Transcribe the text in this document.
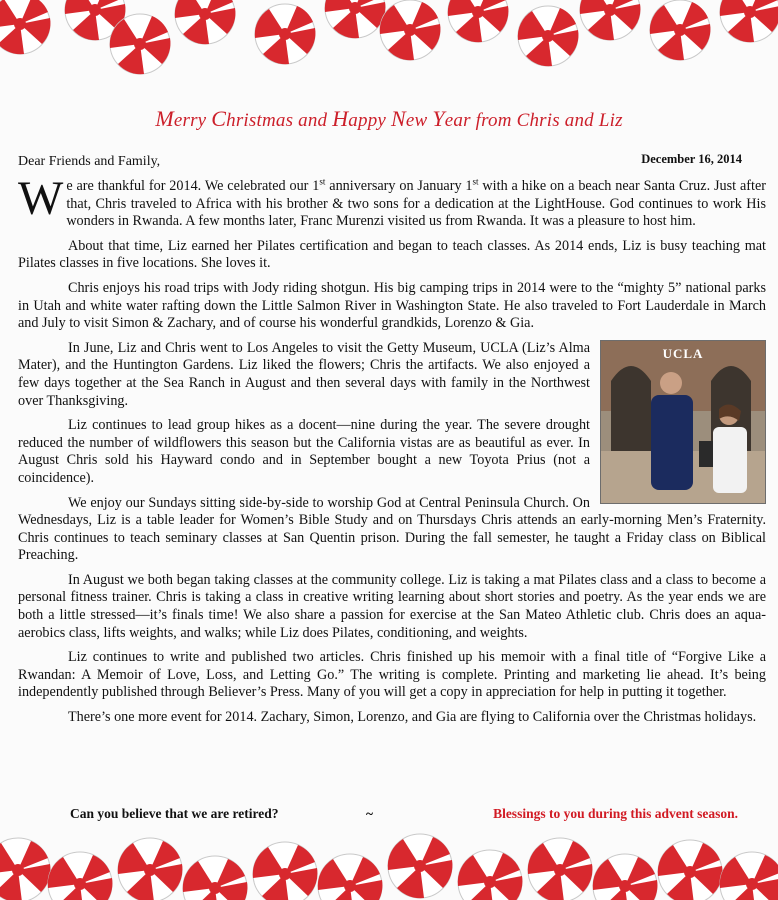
Merry Christmas and Happy New Year from Chris and Liz
Dear Friends and Family,	December 16, 2014

We are thankful for 2014. We celebrated our 1st anniversary on January 1st with a hike on a beach near Santa Cruz. Just after that, Chris traveled to Africa with his brother & two sons for a dedication at the LightHouse. God continues to work His wonders in Rwanda. A few months later, Franc Murenzi visited us from Rwanda. It was a pleasure to host him.

About that time, Liz earned her Pilates certification and began to teach classes. As 2014 ends, Liz is busy teaching mat Pilates classes in five locations. She loves it.

Chris enjoys his road trips with Jody riding shotgun. His big camping trips in 2014 were to the “mighty 5” national parks in Utah and white water rafting down the Little Salmon River in Washington State. He also traveled to Fort Lauderdale in March and July to visit Simon & Zachary, and of course his wonderful grandkids, Lorenzo & Gia.

UCLA

In June, Liz and Chris went to Los Angeles to visit the Getty Museum, UCLA (Liz’s Alma Mater), and the Huntington Gardens. Liz liked the flowers; Chris the artifacts. We also enjoyed a few days together at the Sea Ranch in August and then several days with family in the Northwest over Thanksgiving.

Liz continues to lead group hikes as a docent—nine during the year. The severe drought reduced the number of wildflowers this season but the California vistas are as beautiful as ever. In August Chris sold his Hayward condo and in September bought a new Toyota Prius (not a coincidence).

We enjoy our Sundays sitting side-by-side to worship God at Central Peninsula Church. On Wednesdays, Liz is a table leader for Women’s Bible Study and on Thursdays Chris attends an early-morning Men’s Fraternity. Chris continues to teach seminary classes at San Quentin prison. During the fall semester, he taught a Friday class on Biblical Preaching.

In August we both began taking classes at the community college. Liz is taking a mat Pilates class and a class to become a personal fitness trainer. Chris is taking a class in creative writing learning about short stories and poetry. As the year ends we are both a little stressed—it’s finals time! We also share a passion for exercise at the San Mateo Athletic club. Chris does an aqua-aerobics class, lifts weights, and walks; while Liz does Pilates, conditioning, and weights.

Liz continues to write and published two articles. Chris finished up his memoir with a final title of “Forgive Like a Rwandan: A Memoir of Love, Loss, and Letting Go.” The writing is complete. Printing and marketing lie ahead. It’s being independently published through Believer’s Press. Many of you will get a copy in appreciation for help in putting it together.

There’s one more event for 2014. Zachary, Simon, Lorenzo, and Gia are flying to California over the Christmas holidays.

Can you believe that we are retired?	~	Blessings to you during this advent season.
